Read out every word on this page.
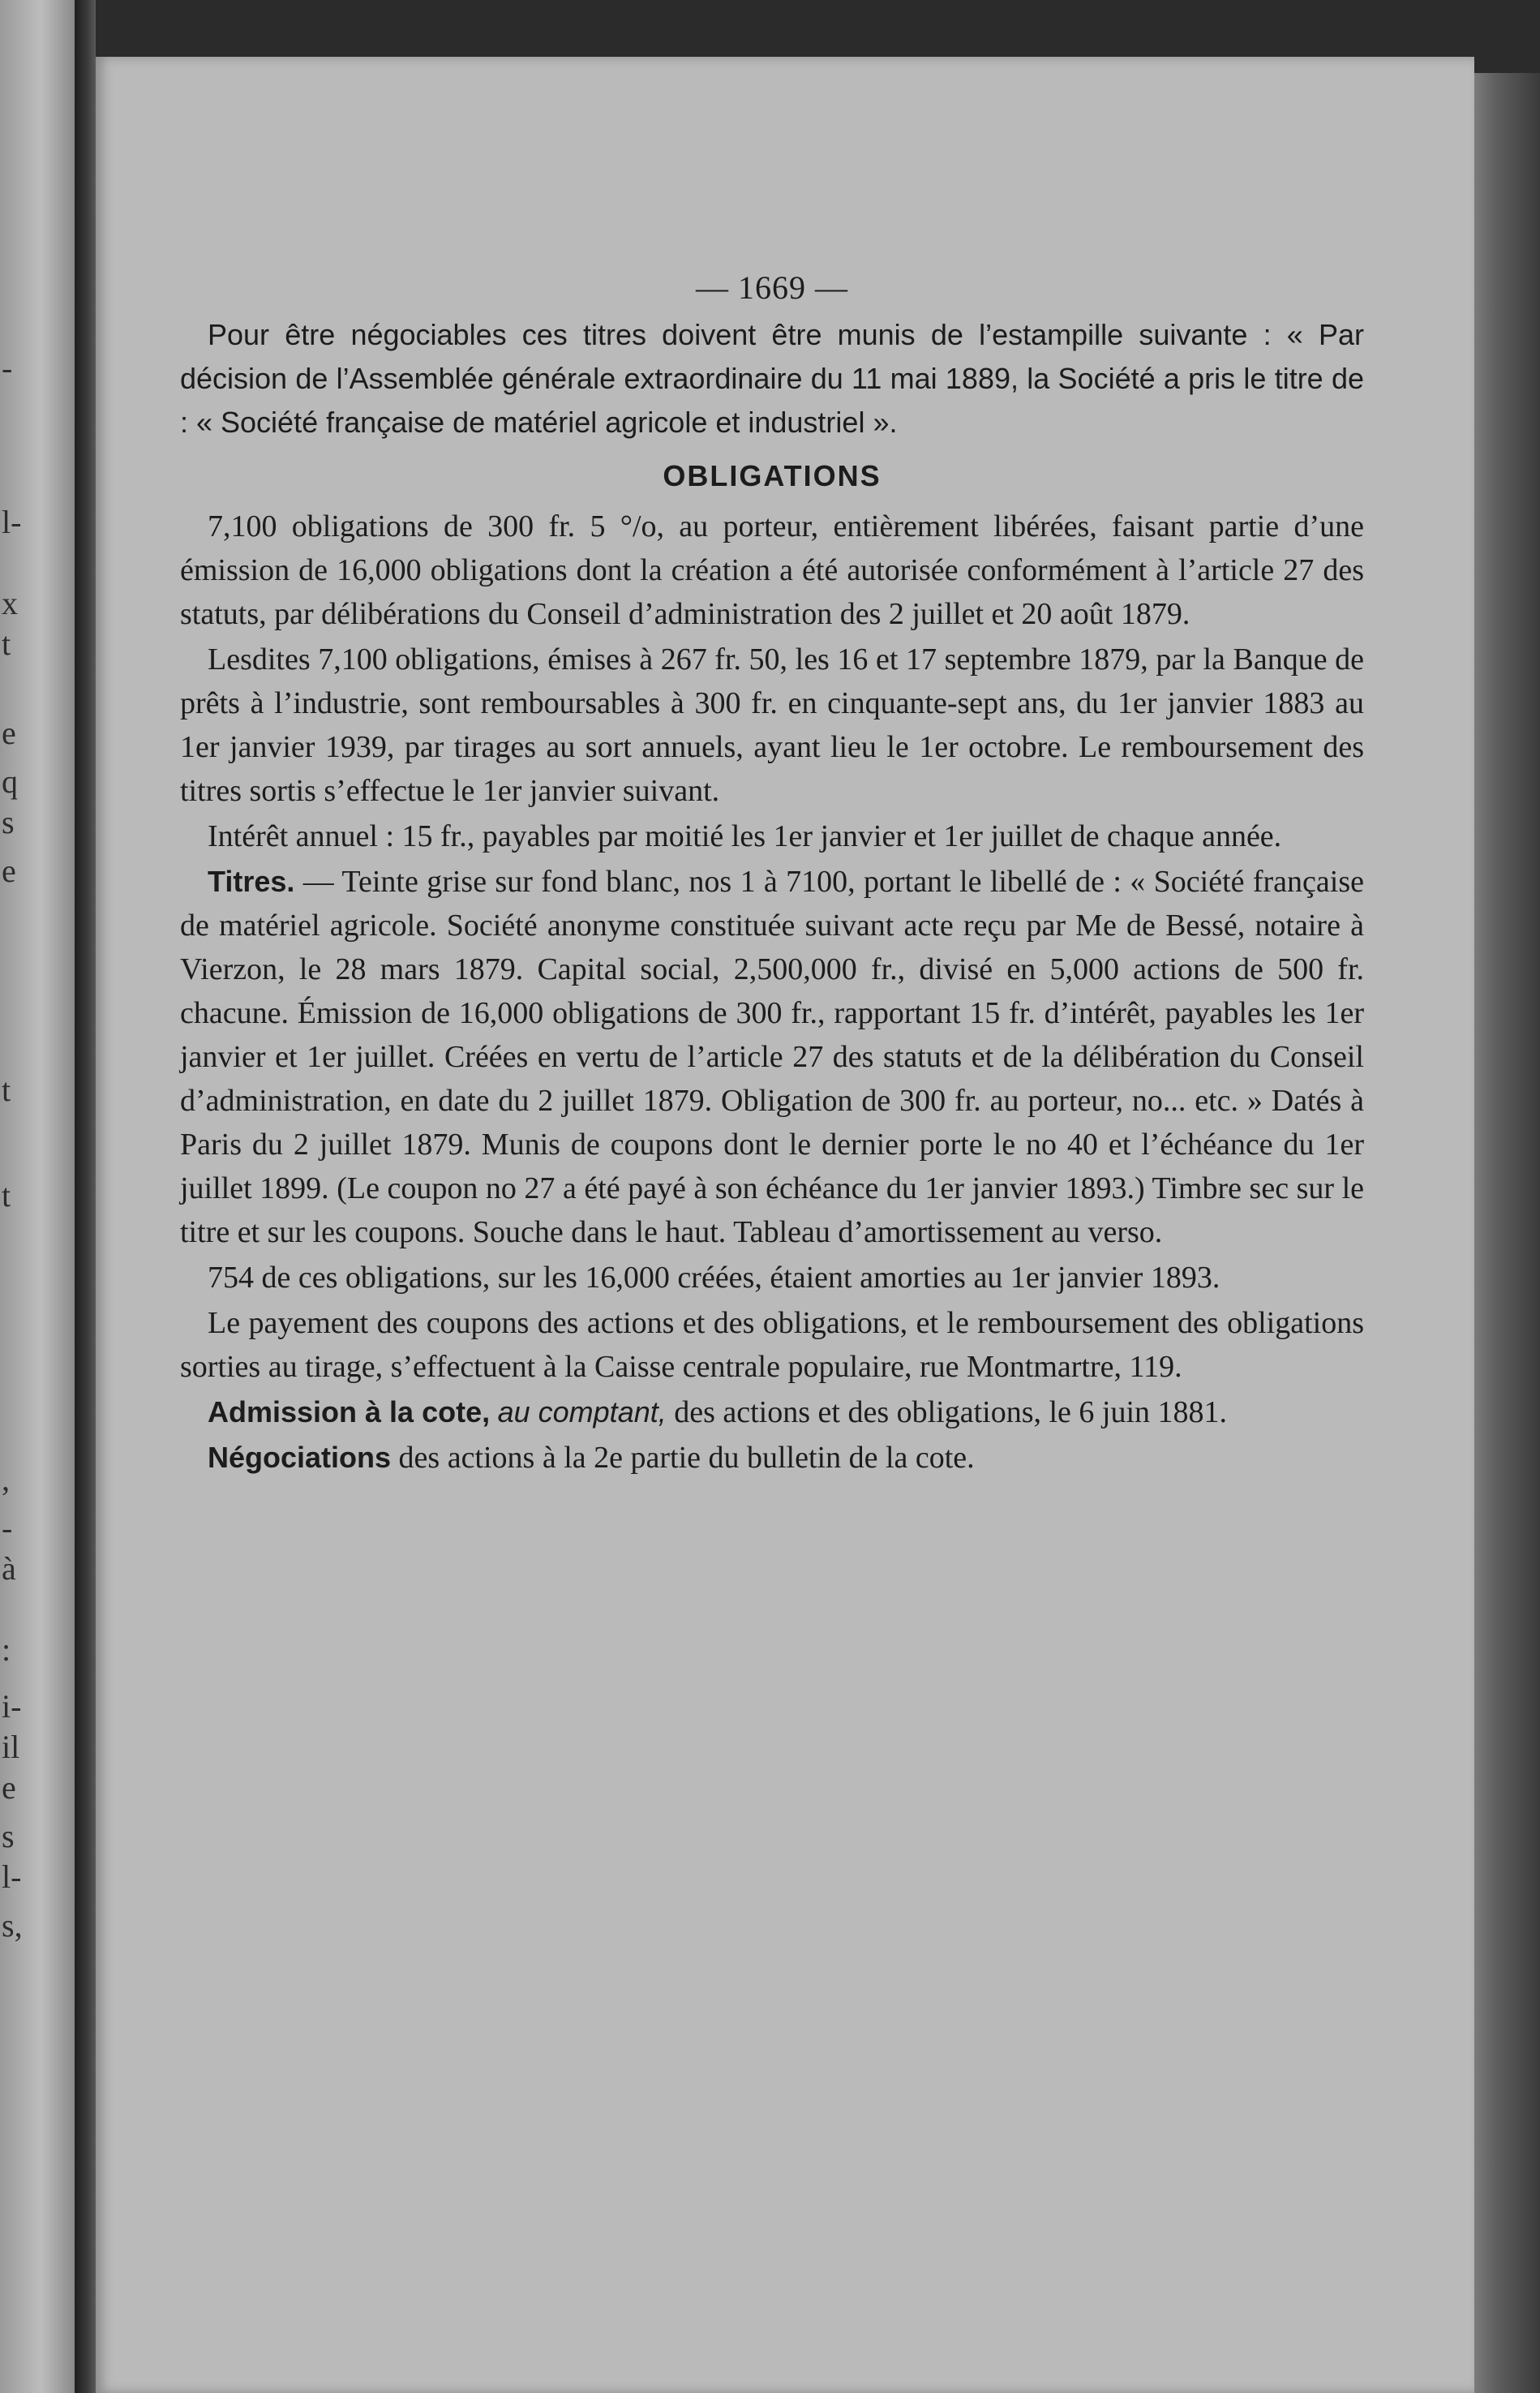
-
l-
x
t
e
q
s
e
t
t
,
-
à
:
i-
il
e
s
l-
s,
— 1669 —

Pour être négociables ces titres doivent être munis de l’estampille suivante : « Par décision de l’Assemblée générale extraordinaire du 11 mai 1889, la Société a pris le titre de : « Société française de matériel agricole et industriel ».

OBLIGATIONS

7,100 obligations de 300 fr. 5 °/o, au porteur, entièrement libérées, faisant partie d’une émission de 16,000 obligations dont la création a été autorisée conformément à l’article 27 des statuts, par délibérations du Conseil d’administration des 2 juillet et 20 août 1879.

Lesdites 7,100 obligations, émises à 267 fr. 50, les 16 et 17 septembre 1879, par la Banque de prêts à l’industrie, sont remboursables à 300 fr. en cinquante-sept ans, du 1er janvier 1883 au 1er janvier 1939, par tirages au sort annuels, ayant lieu le 1er octobre. Le remboursement des titres sortis s’effectue le 1er janvier suivant.

Intérêt annuel : 15 fr., payables par moitié les 1er janvier et 1er juillet de chaque année.

Titres. — Teinte grise sur fond blanc, nos 1 à 7100, portant le libellé de : « Société française de matériel agricole. Société anonyme constituée suivant acte reçu par Me de Bessé, notaire à Vierzon, le 28 mars 1879. Capital social, 2,500,000 fr., divisé en 5,000 actions de 500 fr. chacune. Émission de 16,000 obligations de 300 fr., rapportant 15 fr. d’intérêt, payables les 1er janvier et 1er juillet. Créées en vertu de l’article 27 des statuts et de la délibération du Conseil d’administration, en date du 2 juillet 1879. Obligation de 300 fr. au porteur, no... etc. » Datés à Paris du 2 juillet 1879. Munis de coupons dont le dernier porte le no 40 et l’échéance du 1er juillet 1899. (Le coupon no 27 a été payé à son échéance du 1er janvier 1893.) Timbre sec sur le titre et sur les coupons. Souche dans le haut. Tableau d’amortissement au verso.

754 de ces obligations, sur les 16,000 créées, étaient amorties au 1er janvier 1893.

Le payement des coupons des actions et des obligations, et le remboursement des obligations sorties au tirage, s’effectuent à la Caisse centrale populaire, rue Montmartre, 119.

Admission à la cote, au comptant, des actions et des obligations, le 6 juin 1881.

Négociations des actions à la 2e partie du bulletin de la cote.
